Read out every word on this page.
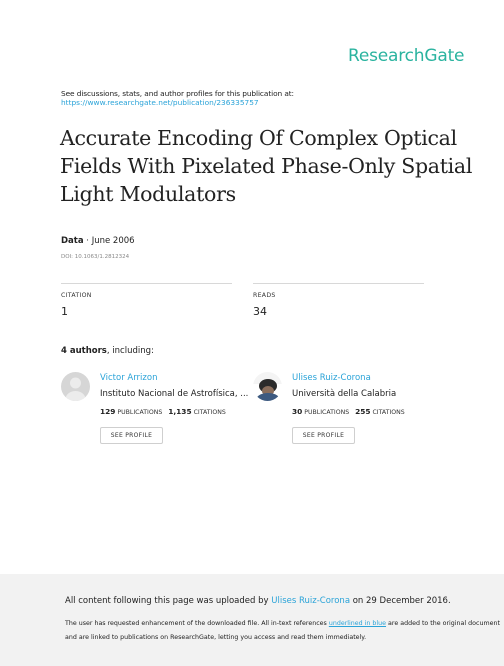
ResearchGate
See discussions, stats, and author profiles for this publication at:
https://www.researchgate.net/publication/236335757
Accurate Encoding Of Complex Optical Fields With Pixelated Phase-Only Spatial Light Modulators
Data · June 2006
DOI: 10.1063/1.2812324
CITATION
1
READS
34
4 authors, including:
Victor Arrizon
Instituto Nacional de Astrofísica, ...
129 PUBLICATIONS 1,135 CITATIONS
SEE PROFILE
Ulises Ruiz-Corona
Università della Calabria
30 PUBLICATIONS 255 CITATIONS
SEE PROFILE
All content following this page was uploaded by Ulises Ruiz-Corona on 29 December 2016.
The user has requested enhancement of the downloaded file. All in-text references underlined in blue are added to the original document
and are linked to publications on ResearchGate, letting you access and read them immediately.
